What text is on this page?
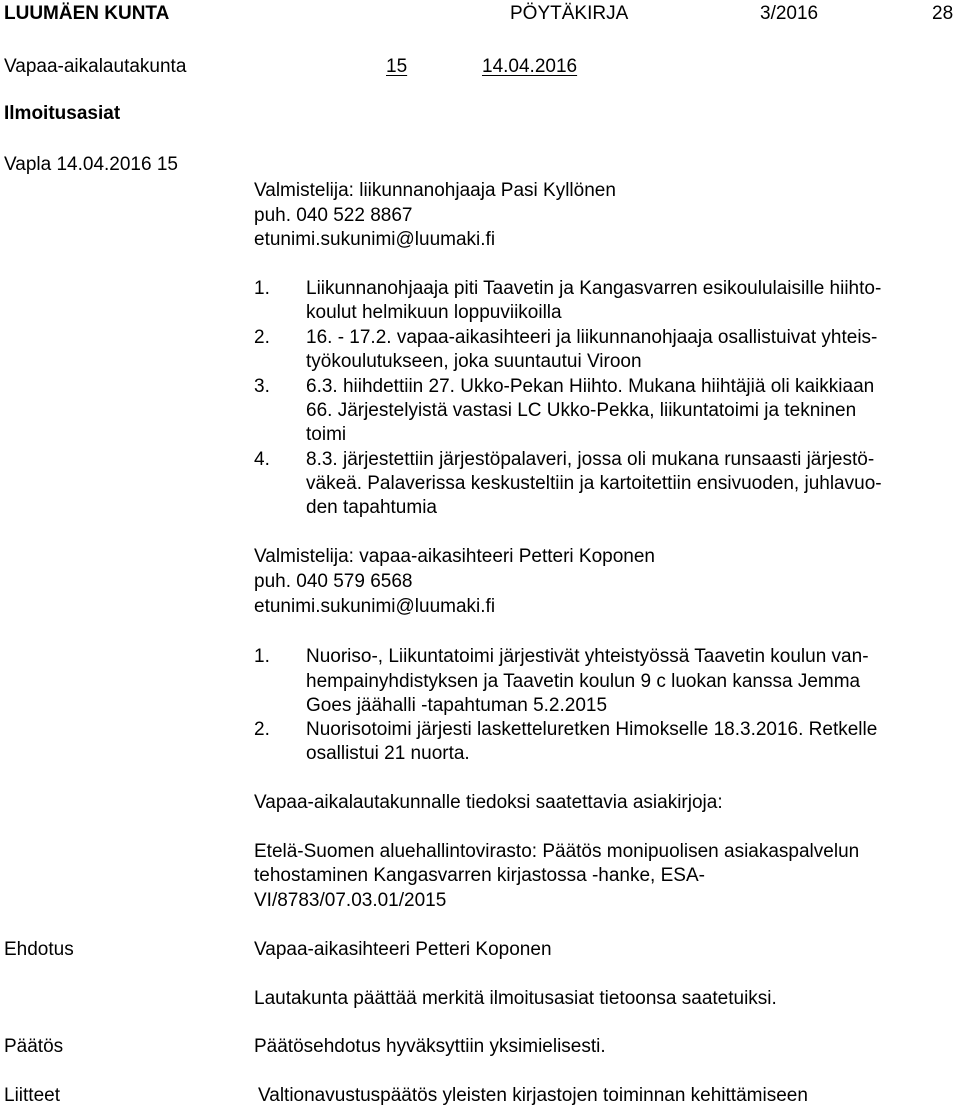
LUUMÄEN KUNTA	PÖYTÄKIRJA	3/2016	28
Vapaa-aikalautakunta	15	14.04.2016
Ilmoitusasiat
Vapla 14.04.2016 15
Valmistelija: liikunnanohjaaja Pasi Kyllönen
puh. 040 522 8867
etunimi.sukunimi@luumaki.fi
1. Liikunnanohjaaja piti Taavetin ja Kangasvarren esikoululaisille hiihto-
koulut helmikuun loppuviikoilla
2. 16. - 17.2. vapaa-aikasihteeri ja liikunnanohjaaja osallistuivat yhteis-
työkoulutukseen, joka suuntautui Viroon
3. 6.3. hiihdettiin 27. Ukko-Pekan Hiihto. Mukana hiihtäjiä oli kaikkiaan
66. Järjestelyistä vastasi LC Ukko-Pekka, liikuntatoimi ja tekninen
toimi
4. 8.3. järjestettiin järjestöpalaveri, jossa oli mukana runsaasti järjestö-
väkeä. Palaverissa keskusteltiin ja kartoitettiin ensivuoden, juhlavuo-
den tapahtumia
Valmistelija: vapaa-aikasihteeri Petteri Koponen
puh. 040 579 6568
etunimi.sukunimi@luumaki.fi
1. Nuoriso-, Liikuntatoimi järjestivät yhteistyössä Taavetin koulun van-
hempainyhdistyksen ja Taavetin koulun 9 c luokan kanssa Jemma
Goes jäähalli -tapahtuman 5.2.2015
2. Nuorisotoimi järjesti laskettelur​etken Himokselle 18.3.2016. Retkelle
osallistui 21 nuorta.
Vapaa-aikalautakunnalle tiedoksi saatettavia asiakirjoja:
Etelä-Suomen aluehallintovirasto: Päätös monipuolisen asiakaspalvelun
tehostaminen Kangasvarren kirjastossa -hanke, ESA-
VI/8783/07.03.01/2015
Ehdotus	Vapaa-aikasihteeri Petteri Koponen
Lautakunta päättää merkitä ilmoitusasiat tietoonsa saatetuiksi.
Päätös	Päätösehdotus hyväksyttiin yksimielisesti.
Liitteet	Valtionavustuspäätös yleisten kirjastojen toiminnan kehittämiseen
